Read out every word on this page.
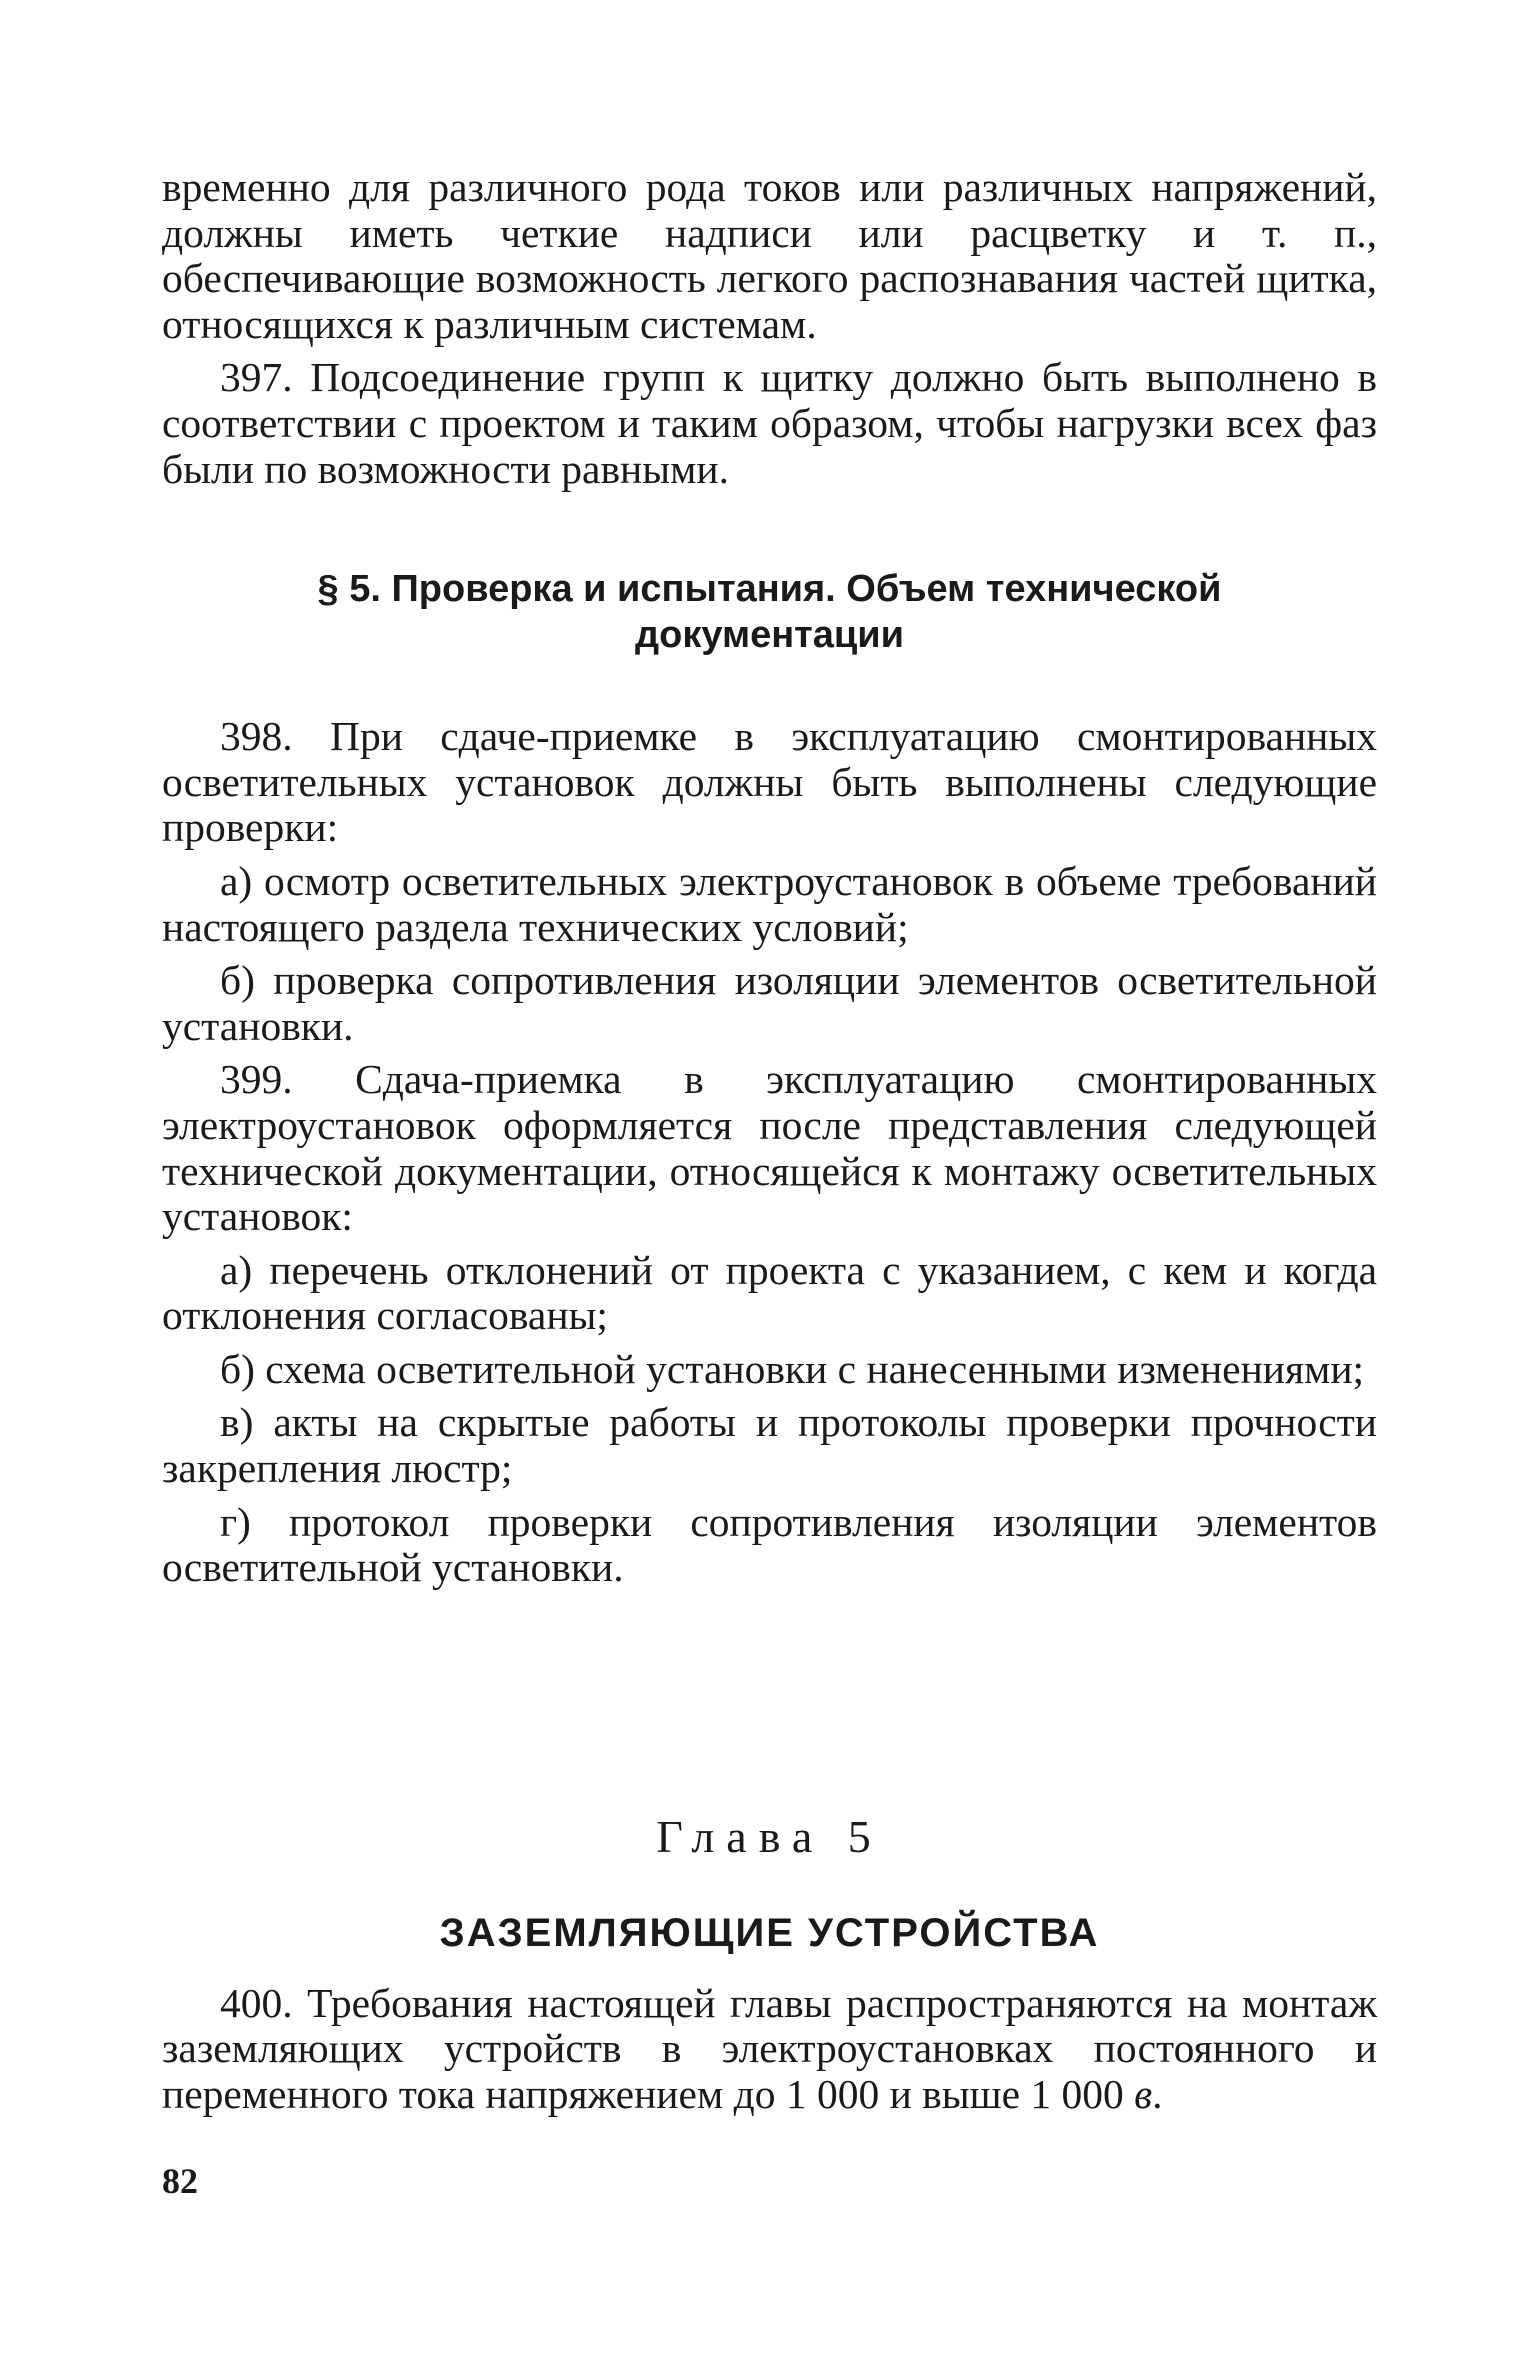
временно для различного рода токов или различных напряжений, должны иметь четкие надписи или расцветку и т. п., обеспечивающие возможность легкого распознавания частей щитка, относящихся к различным системам.

397. Подсоединение групп к щитку должно быть выполнено в соответствии с проектом и таким образом, чтобы нагрузки всех фаз были по возможности равными.

§ 5. Проверка и испытания. Объем технической
документации

398. При сдаче-приемке в эксплуатацию смонтированных осветительных установок должны быть выполнены следующие проверки:

а) осмотр осветительных электроустановок в объеме требований настоящего раздела технических условий;

б) проверка сопротивления изоляции элементов осветительной установки.

399. Сдача-приемка в эксплуатацию смонтированных электроустановок оформляется после представления следующей технической документации, относящейся к монтажу осветительных установок:

а) перечень отклонений от проекта с указанием, с кем и когда отклонения согласованы;

б) схема осветительной установки с нанесенными изменениями;

в) акты на скрытые работы и протоколы проверки прочности закрепления люстр;

г) протокол проверки сопротивления изоляции элементов осветительной установки.

Глава 5
ЗАЗЕМЛЯЮЩИЕ УСТРОЙСТВА

400. Требования настоящей главы распространяются на монтаж заземляющих устройств в электроустановках постоянного и переменного тока напряжением до 1 000 и выше 1 000 в.

82
